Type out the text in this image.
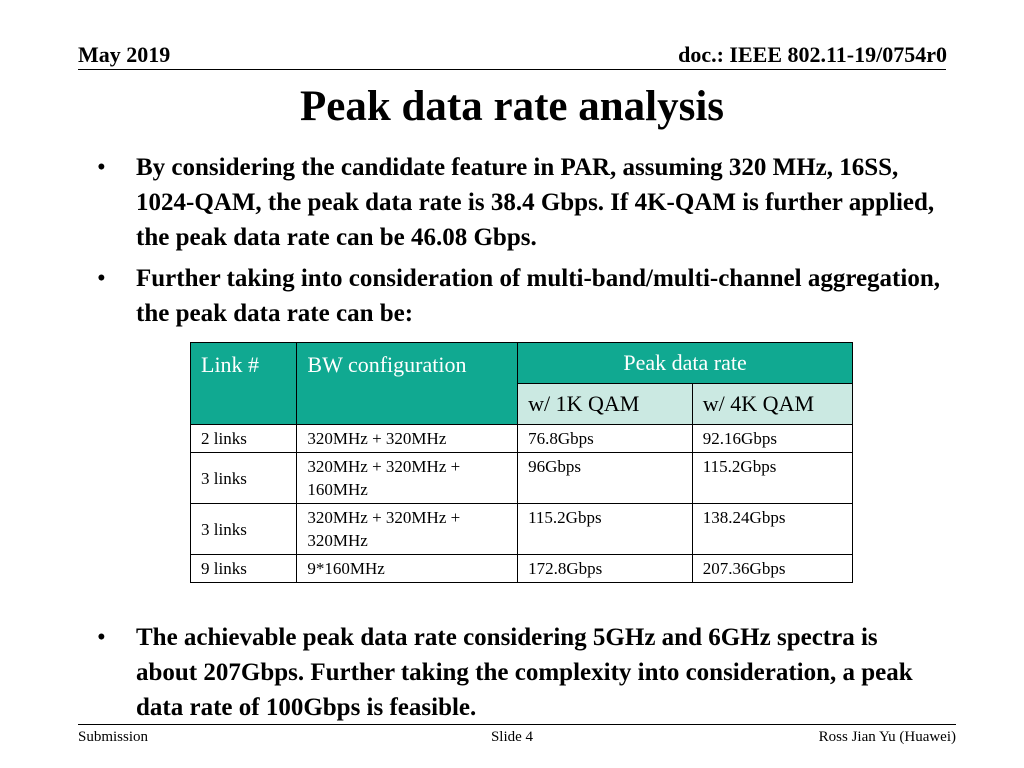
May 2019	doc.: IEEE 802.11-19/0754r0
Peak data rate analysis
• By considering the candidate feature in PAR, assuming 320 MHz, 16SS, 1024-QAM, the peak data rate is 38.4 Gbps. If 4K-QAM is further applied, the peak data rate can be 46.08 Gbps.
• Further taking into consideration of multi-band/multi-channel aggregation, the peak data rate can be:
Link #	BW configuration	Peak data rate	
		w/ 1K QAM	w/ 4K QAM
2 links	320MHz + 320MHz	76.8Gbps	92.16Gbps
3 links	320MHz + 320MHz + 160MHz	96Gbps	115.2Gbps
3 links	320MHz + 320MHz + 320MHz	115.2Gbps	138.24Gbps
9 links	9*160MHz	172.8Gbps	207.36Gbps
• The achievable peak data rate considering 5GHz and 6GHz spectra is about 207Gbps. Further taking the complexity into consideration, a peak data rate of 100Gbps is feasible.
Submission	Slide 4	Ross Jian Yu (Huawei)
